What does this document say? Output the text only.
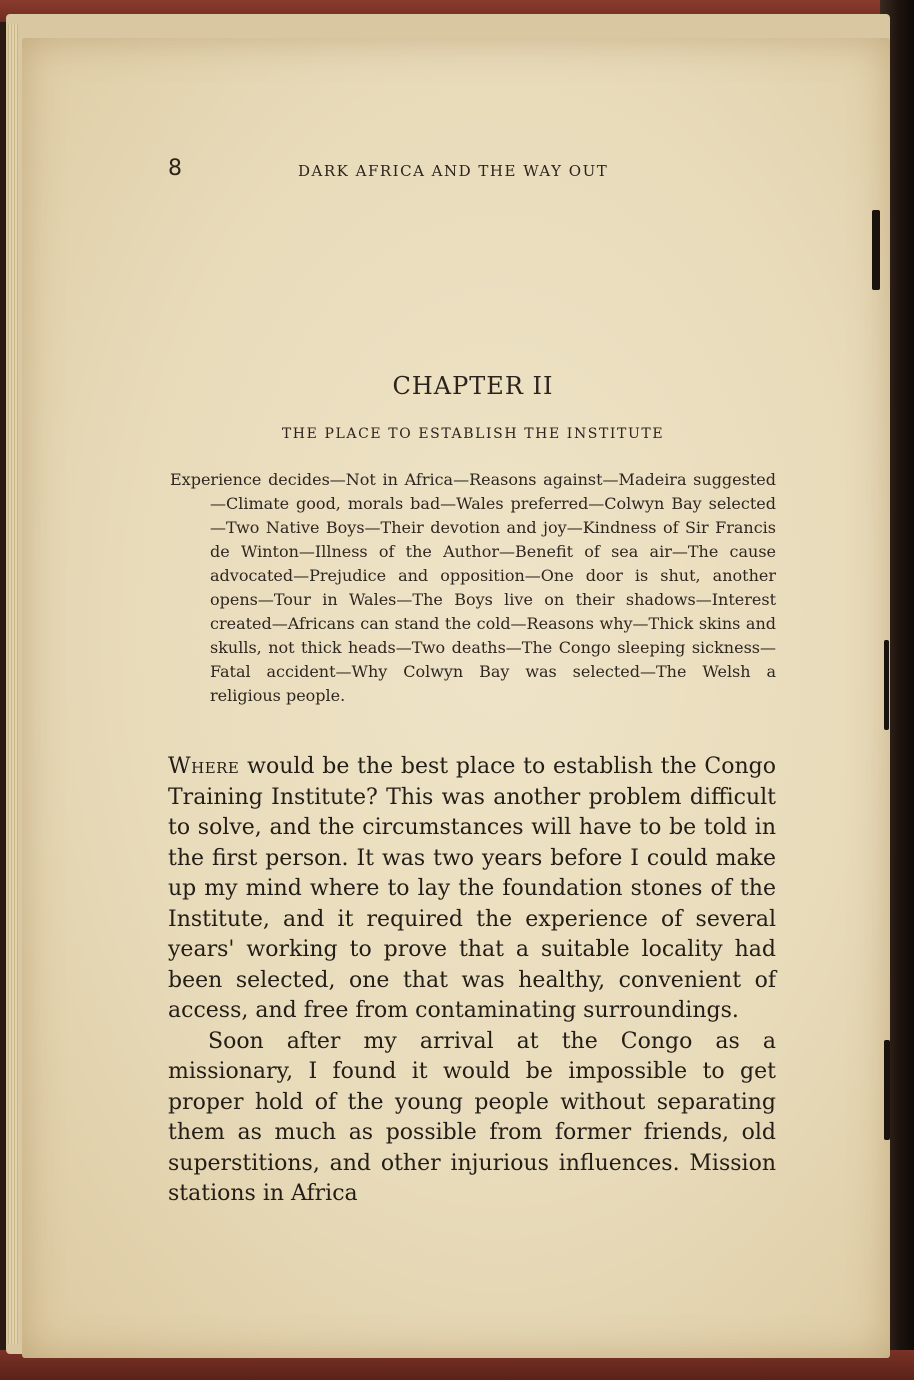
8	DARK AFRICA AND THE WAY OUT
CHAPTER II
THE PLACE TO ESTABLISH THE INSTITUTE

Experience decides—Not in Africa—Reasons against—Madeira suggested—Climate good, morals bad—Wales preferred—Colwyn Bay selected—Two Native Boys—Their devotion and joy—Kindness of Sir Francis de Winton—Illness of the Author—Benefit of sea air—The cause advocated—Prejudice and opposition—One door is shut, another opens—Tour in Wales—The Boys live on their shadows—Interest created—Africans can stand the cold—Reasons why—Thick skins and skulls, not thick heads—Two deaths—The Congo sleeping sickness—Fatal accident—Why Colwyn Bay was selected—The Welsh a religious people.

Where would be the best place to establish the Congo Training Institute? This was another problem difficult to solve, and the circumstances will have to be told in the first person. It was two years before I could make up my mind where to lay the foundation stones of the Institute, and it required the experience of several years' working to prove that a suitable locality had been selected, one that was healthy, convenient of access, and free from contaminating surroundings.

Soon after my arrival at the Congo as a missionary, I found it would be impossible to get proper hold of the young people without separating them as much as possible from former friends, old superstitions, and other injurious influences. Mission stations in Africa
